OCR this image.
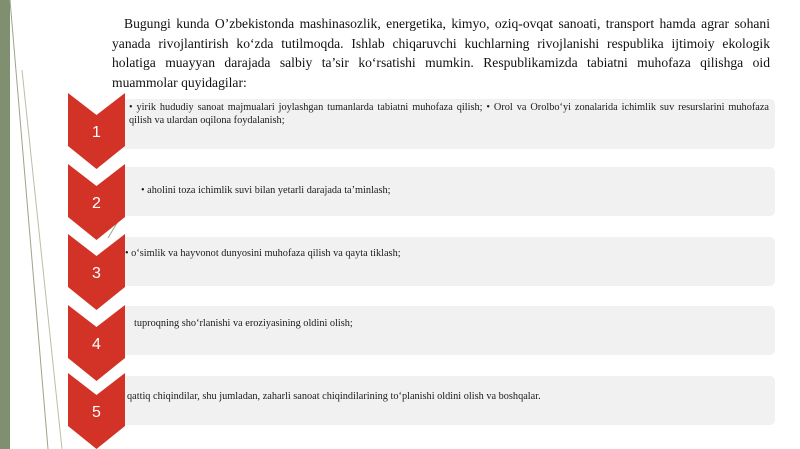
Bugungi kunda O’zbekistonda mashinasozlik, energetika, kimyo, oziq-ovqat sanoati, transport hamda agrar sohani yanada rivojlantirish ko‘zda tutilmoqda. Ishlab chiqaruvchi kuchlarning rivojlanishi respublika ijtimoiy ekologik holatiga muayyan darajada salbiy ta’sir ko‘rsatishi mumkin. Respublikamizda tabiatni muhofaza qilishga oid muammolar quyidagilar:

• yirik hududiy sanoat majmualari joylashgan tumanlarda tabiatni muhofaza qilish; • Orol va Orolbo‘yi zonalarida ichimlik suv resurslarini muhofaza qilish va ulardan oqilona foydalanish;
1
• aholini toza ichimlik suvi bilan yetarli darajada ta’minlash;
2
• o‘simlik va hayvonot dunyosini muhofaza qilish va qayta tiklash;
3
tuproqning sho‘rlanishi va eroziyasining oldini olish;
4
qattiq chiqindilar, shu jumladan, zaharli sanoat chiqindilarining to‘planishi oldini olish va boshqalar.
5
